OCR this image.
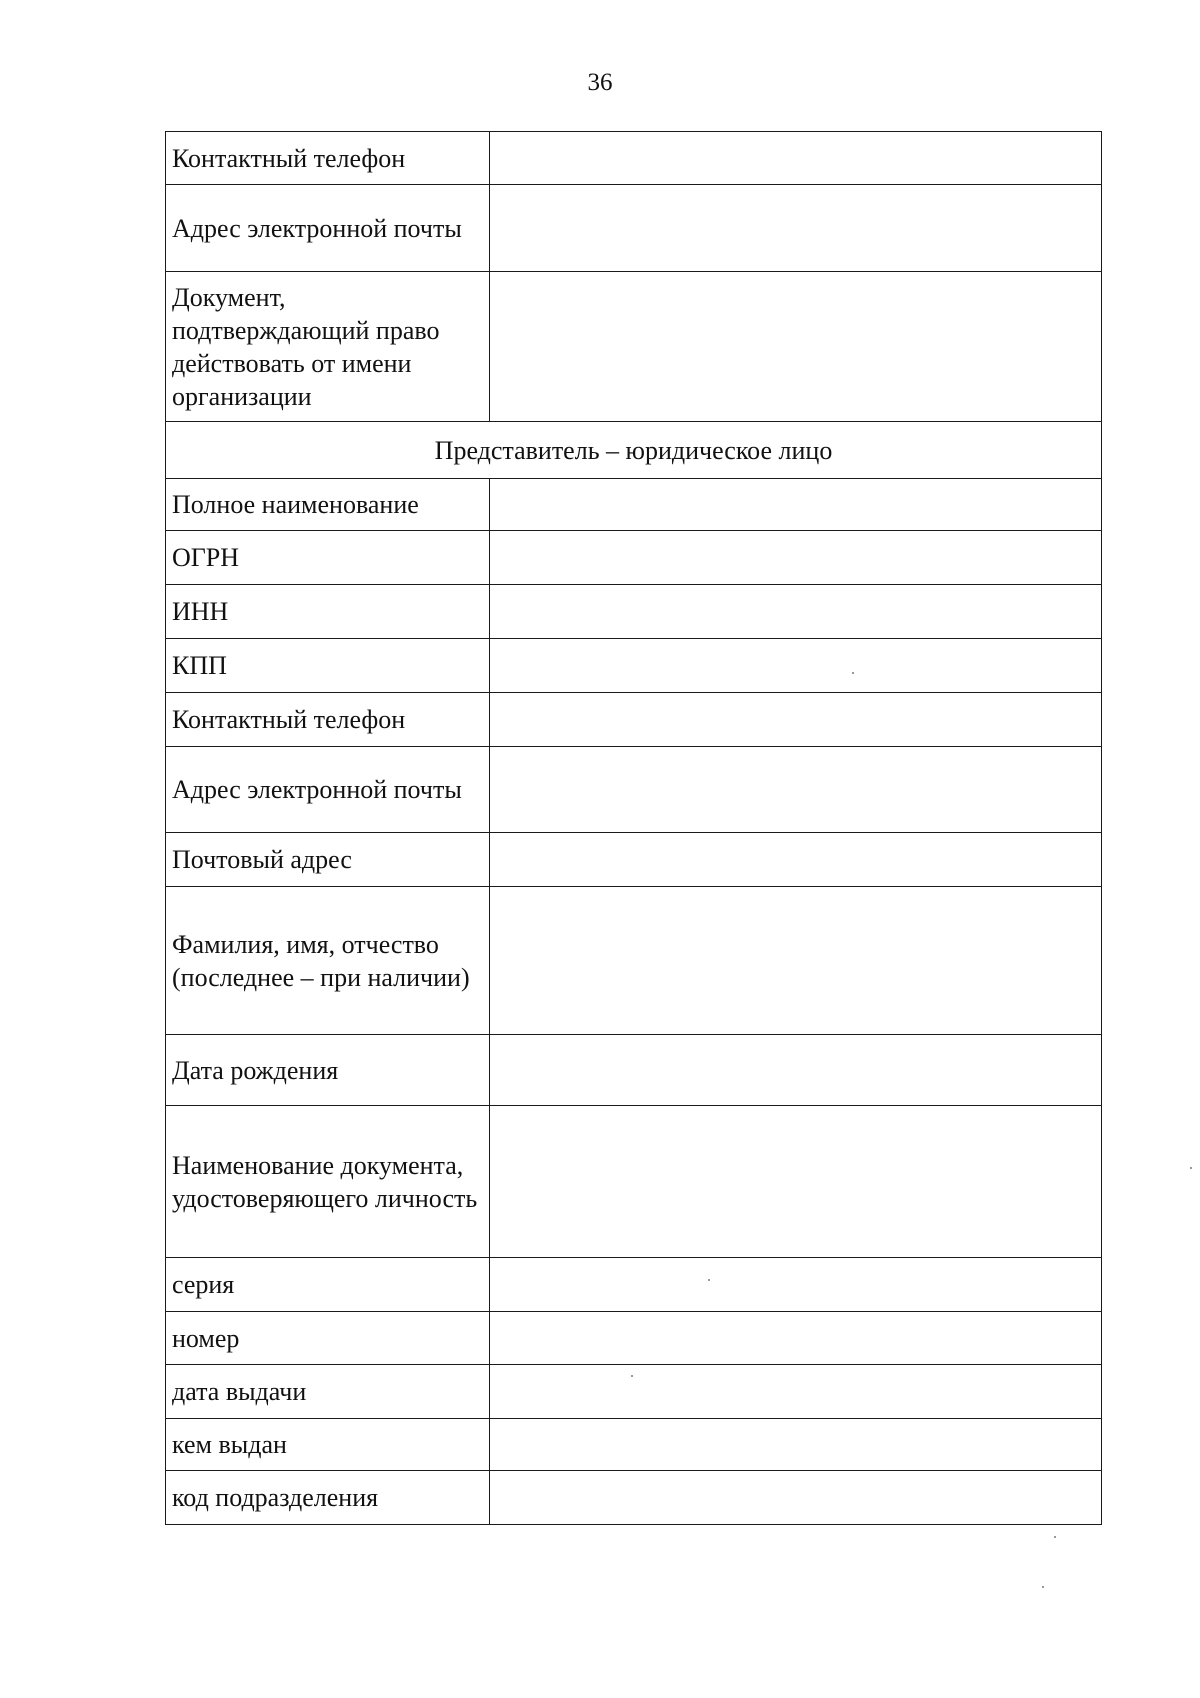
36
Контактный телефон	
Адрес электронной почты	
Документ, подтверждающий право действовать от имени организации	
Представитель – юридическое лицо	
Полное наименование	
ОГРН	
ИНН	
КПП	
Контактный телефон	
Адрес электронной почты	
Почтовый адрес	
Фамилия, имя, отчество (последнее – при наличии)	
Дата рождения	
Наименование документа, удостоверяющего личность	
серия	
номер	
дата выдачи	
кем выдан	
код подразделения	
